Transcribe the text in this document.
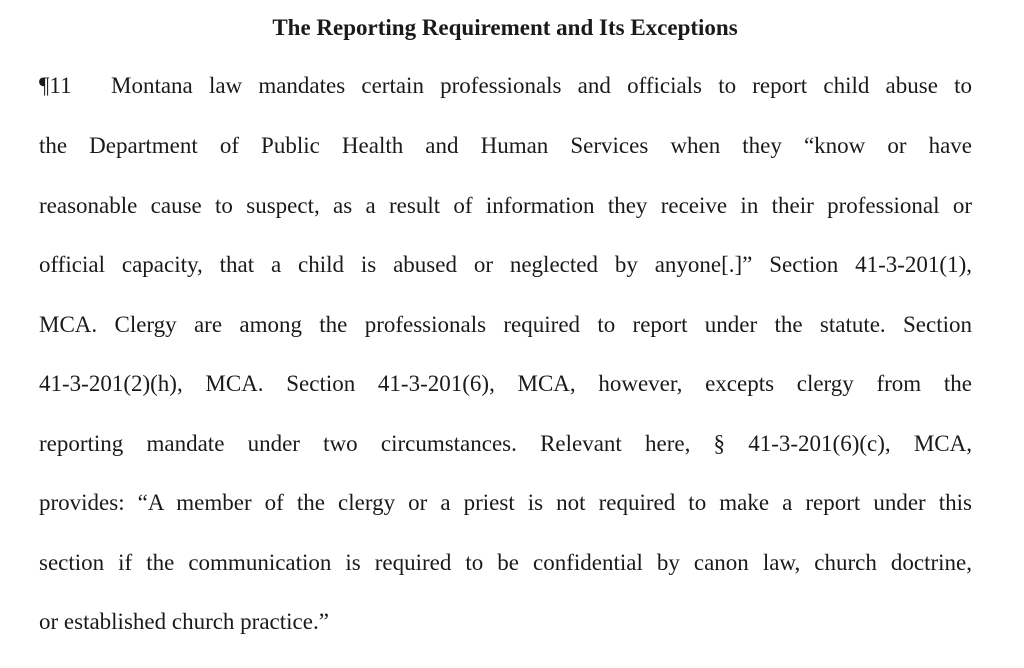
The Reporting Requirement and Its Exceptions
¶11 Montana law mandates certain professionals and officials to report child abuse to
the Department of Public Health and Human Services when they “know or have
reasonable cause to suspect, as a result of information they receive in their professional or
official capacity, that a child is abused or neglected by anyone[.]” Section 41-3-201(1),
MCA. Clergy are among the professionals required to report under the statute. Section
41-3-201(2)(h), MCA. Section 41-3-201(6), MCA, however, excepts clergy from the
reporting mandate under two circumstances. Relevant here, § 41-3-201(6)(c), MCA,
provides: “A member of the clergy or a priest is not required to make a report under this
section if the communication is required to be confidential by canon law, church doctrine,
or established church practice.”
